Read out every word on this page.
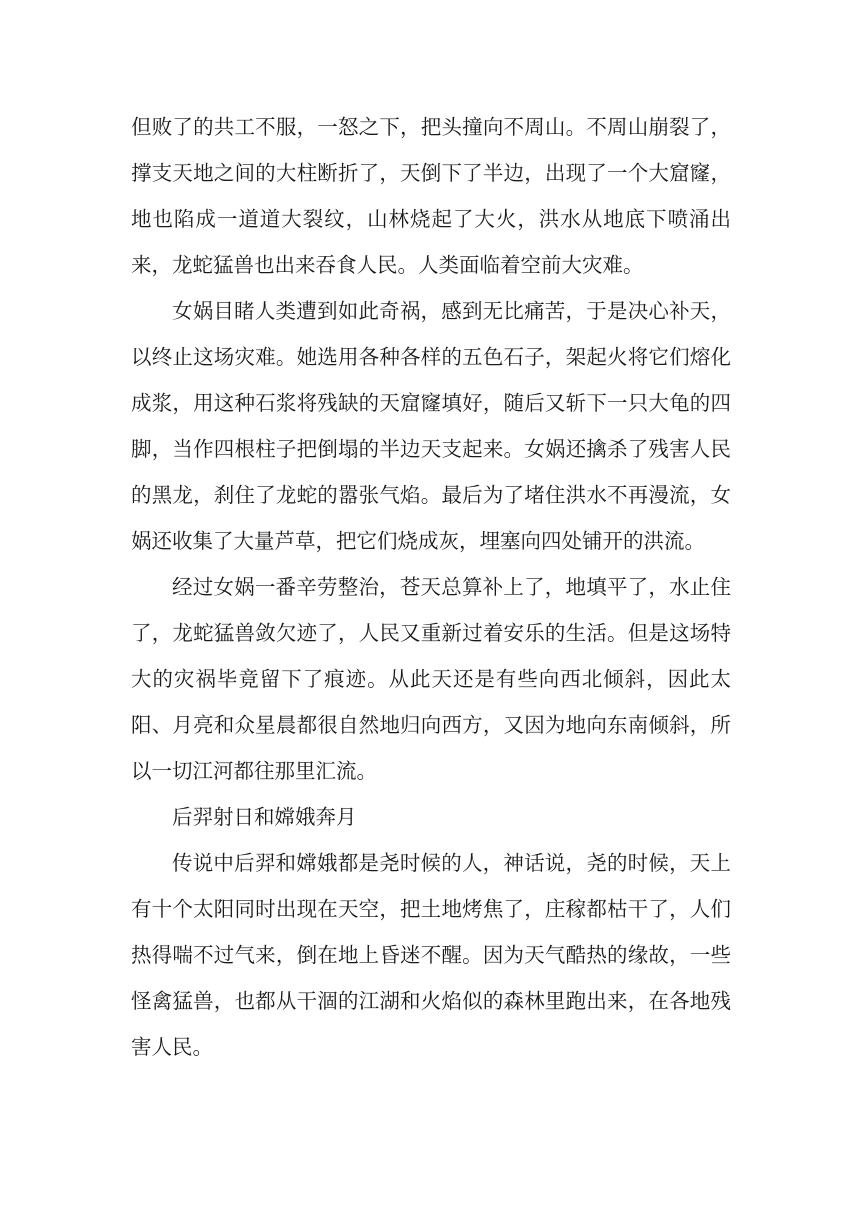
但败了的共工不服，一怒之下，把头撞向不周山。不周山崩裂了，撑支天地之间的大柱断折了，天倒下了半边，出现了一个大窟窿，地也陷成一道道大裂纹，山林烧起了大火，洪水从地底下喷涌出来，龙蛇猛兽也出来吞食人民。人类面临着空前大灾难。

女娲目睹人类遭到如此奇祸，感到无比痛苦，于是决心补天，以终止这场灾难。她选用各种各样的五色石子，架起火将它们熔化成浆，用这种石浆将残缺的天窟窿填好，随后又斩下一只大龟的四脚，当作四根柱子把倒塌的半边天支起来。女娲还擒杀了残害人民的黑龙，刹住了龙蛇的嚣张气焰。最后为了堵住洪水不再漫流，女娲还收集了大量芦草，把它们烧成灰，埋塞向四处铺开的洪流。

经过女娲一番辛劳整治，苍天总算补上了，地填平了，水止住了，龙蛇猛兽敛欠迹了，人民又重新过着安乐的生活。但是这场特大的灾祸毕竟留下了痕迹。从此天还是有些向西北倾斜，因此太阳、月亮和众星晨都很自然地归向西方，又因为地向东南倾斜，所以一切江河都往那里汇流。

后羿射日和嫦娥奔月

传说中后羿和嫦娥都是尧时候的人，神话说，尧的时候，天上有十个太阳同时出现在天空，把土地烤焦了，庄稼都枯干了，人们热得喘不过气来，倒在地上昏迷不醒。因为天气酷热的缘故，一些怪禽猛兽，也都从干涸的江湖和火焰似的森林里跑出来，在各地残害人民。
